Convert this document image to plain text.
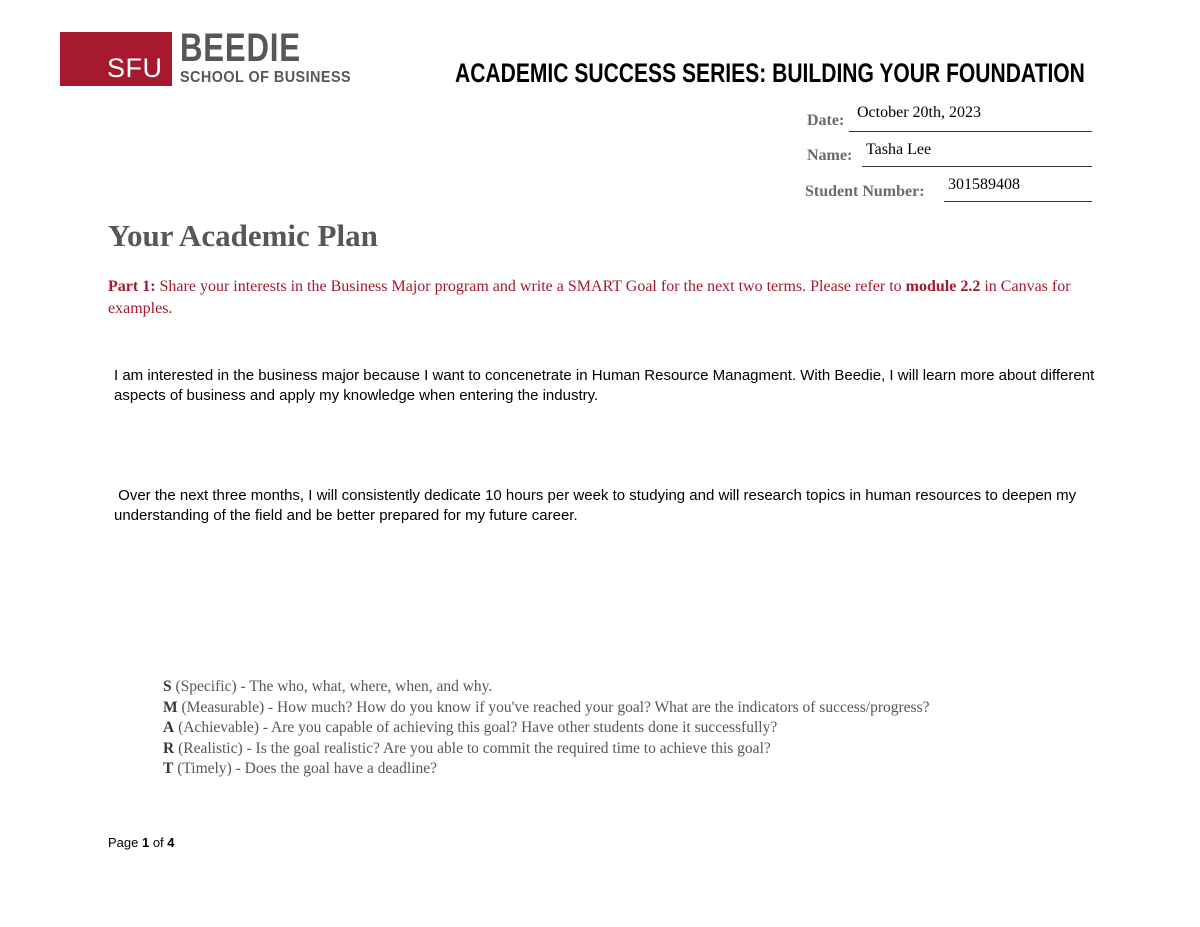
SFU BEEDIE
SCHOOL OF BUSINESS	ACADEMIC SUCCESS SERIES: BUILDING YOUR FOUNDATION
Date: October 20th, 2023
Name: Tasha Lee
Student Number: 301589408
Your Academic Plan
Part 1: Share your interests in the Business Major program and write a SMART Goal for the next two terms. Please refer to module 2.2 in Canvas for examples.
I am interested in the business major because I want to concenetrate in Human Resource Managment. With Beedie, I will learn more about different aspects of business and apply my knowledge when entering the industry.
Over the next three months, I will consistently dedicate 10 hours per week to studying and will research topics in human resources to deepen my understanding of the field and be better prepared for my future career.
S (Specific) - The who, what, where, when, and why.
M (Measurable) - How much? How do you know if you've reached your goal? What are the indicators of success/progress?
A (Achievable) - Are you capable of achieving this goal? Have other students done it successfully?
R (Realistic) - Is the goal realistic? Are you able to commit the required time to achieve this goal?
T (Timely) - Does the goal have a deadline?
Page 1 of 4
